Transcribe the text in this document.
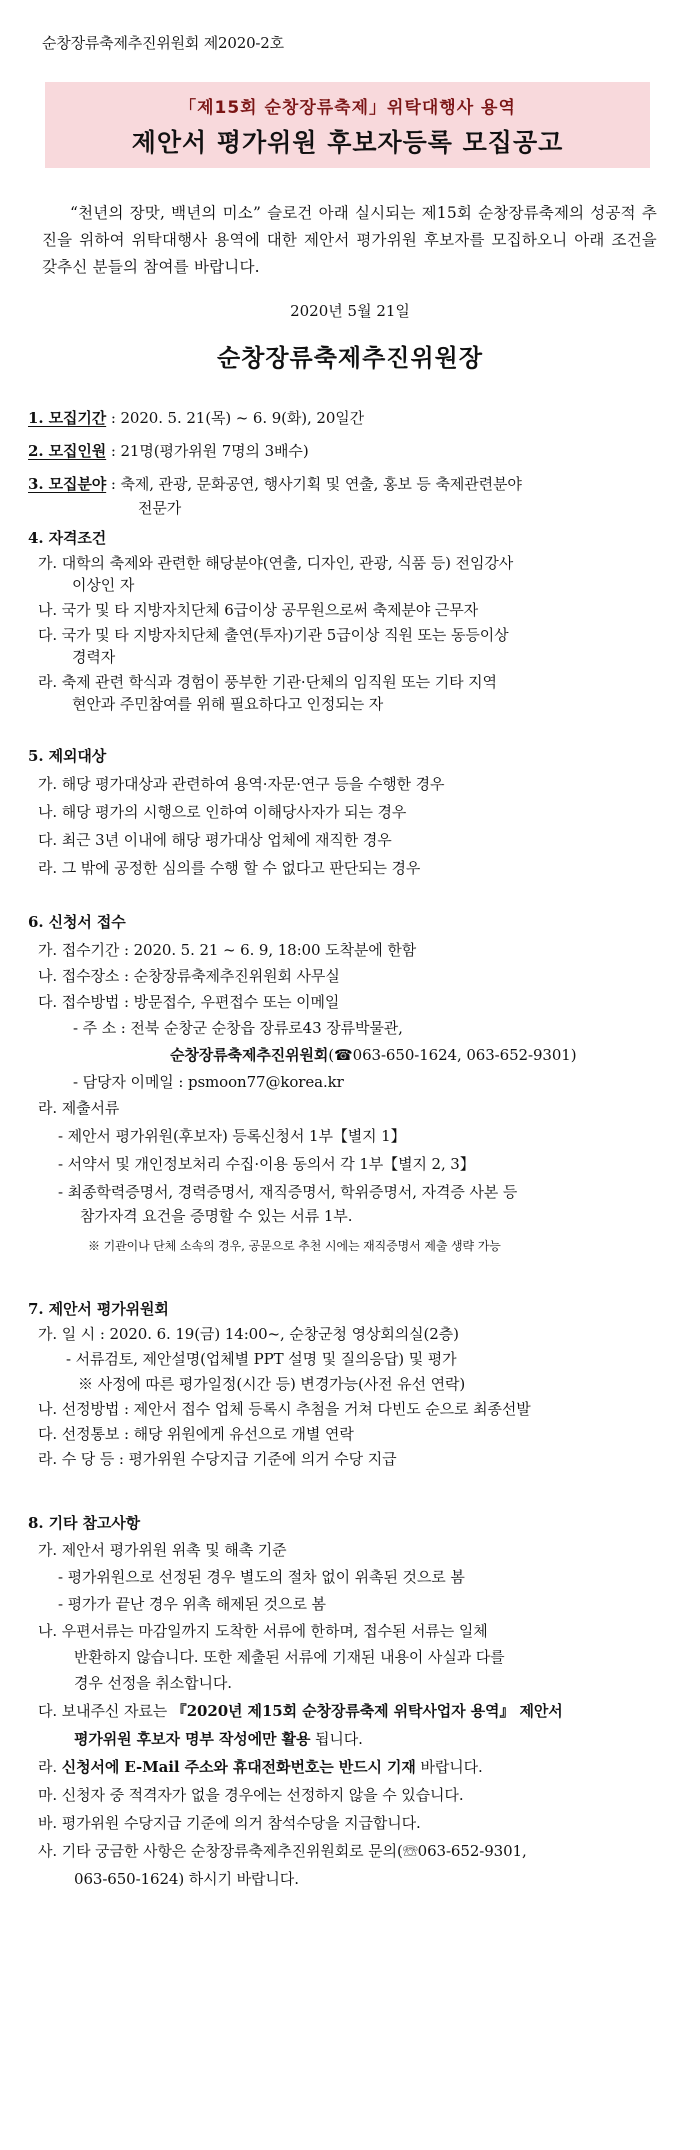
순창장류축제추진위원회 제2020-2호
「제15회 순창장류축제」위탁대행사 용역
제안서 평가위원 후보자등록 모집공고
“천년의 장맛, 백년의 미소” 슬로건 아래 실시되는 제15회 순창장류축제의 성공적 추진을 위하여 위탁대행사 용역에 대한 제안서 평가위원 후보자를 모집하오니 아래 조건을 갖추신 분들의 참여를 바랍니다.
2020년 5월 21일
순창장류축제추진위원장
1. 모집기간 : 2020. 5. 21(목) ~ 6. 9(화), 20일간
2. 모집인원 : 21명(평가위원 7명의 3배수)
3. 모집분야 : 축제, 관광, 문화공연, 행사기획 및 연출, 홍보 등 축제관련분야
전문가
4. 자격조건
가. 대학의 축제와 관련한 해당분야(연출, 디자인, 관광, 식품 등) 전임강사
이상인 자
나. 국가 및 타 지방자치단체 6급이상 공무원으로써 축제분야 근무자
다. 국가 및 타 지방자치단체 출연(투자)기관 5급이상 직원 또는 동등이상
경력자
라. 축제 관련 학식과 경험이 풍부한 기관·단체의 임직원 또는 기타 지역
현안과 주민참여를 위해 필요하다고 인정되는 자
5. 제외대상
가. 해당 평가대상과 관련하여 용역·자문·연구 등을 수행한 경우
나. 해당 평가의 시행으로 인하여 이해당사자가 되는 경우
다. 최근 3년 이내에 해당 평가대상 업체에 재직한 경우
라. 그 밖에 공정한 심의를 수행 할 수 없다고 판단되는 경우
6. 신청서 접수
가. 접수기간 : 2020. 5. 21 ~ 6. 9, 18:00 도착분에 한함
나. 접수장소 : 순창장류축제추진위원회 사무실
다. 접수방법 : 방문접수, 우편접수 또는 이메일
- 주 소 : 전북 순창군 순창읍 장류로43 장류박물관,
순창장류축제추진위원회(☎063-650-1624, 063-652-9301)
- 담당자 이메일 : psmoon77@korea.kr
라. 제출서류
- 제안서 평가위원(후보자) 등록신청서 1부【별지 1】
- 서약서 및 개인정보처리 수집·이용 동의서 각 1부【별지 2, 3】
- 최종학력증명서, 경력증명서, 재직증명서, 학위증명서, 자격증 사본 등
참가자격 요건을 증명할 수 있는 서류 1부.
※ 기관이나 단체 소속의 경우, 공문으로 추천 시에는 재직증명서 제출 생략 가능
7. 제안서 평가위원회
가. 일 시 : 2020. 6. 19(금) 14:00~, 순창군청 영상회의실(2층)
- 서류검토, 제안설명(업체별 PPT 설명 및 질의응답) 및 평가
※ 사정에 따른 평가일정(시간 등) 변경가능(사전 유선 연락)
나. 선정방법 : 제안서 접수 업체 등록시 추첨을 거쳐 다빈도 순으로 최종선발
다. 선정통보 : 해당 위원에게 유선으로 개별 연락
라. 수 당 등 : 평가위원 수당지급 기준에 의거 수당 지급
8. 기타 참고사항
가. 제안서 평가위원 위촉 및 해촉 기준
- 평가위원으로 선정된 경우 별도의 절차 없이 위촉된 것으로 봄
- 평가가 끝난 경우 위촉 해제된 것으로 봄
나. 우편서류는 마감일까지 도착한 서류에 한하며, 접수된 서류는 일체
반환하지 않습니다. 또한 제출된 서류에 기재된 내용이 사실과 다를
경우 선정을 취소합니다.
다. 보내주신 자료는 『2020년 제15회 순창장류축제 위탁사업자 용역』 제안서
평가위원 후보자 명부 작성에만 활용 됩니다.
라. 신청서에 E-Mail 주소와 휴대전화번호는 반드시 기재 바랍니다.
마. 신청자 중 적격자가 없을 경우에는 선정하지 않을 수 있습니다.
바. 평가위원 수당지급 기준에 의거 참석수당을 지급합니다.
사. 기타 궁금한 사항은 순창장류축제추진위원회로 문의(☏063-652-9301,
063-650-1624) 하시기 바랍니다.
